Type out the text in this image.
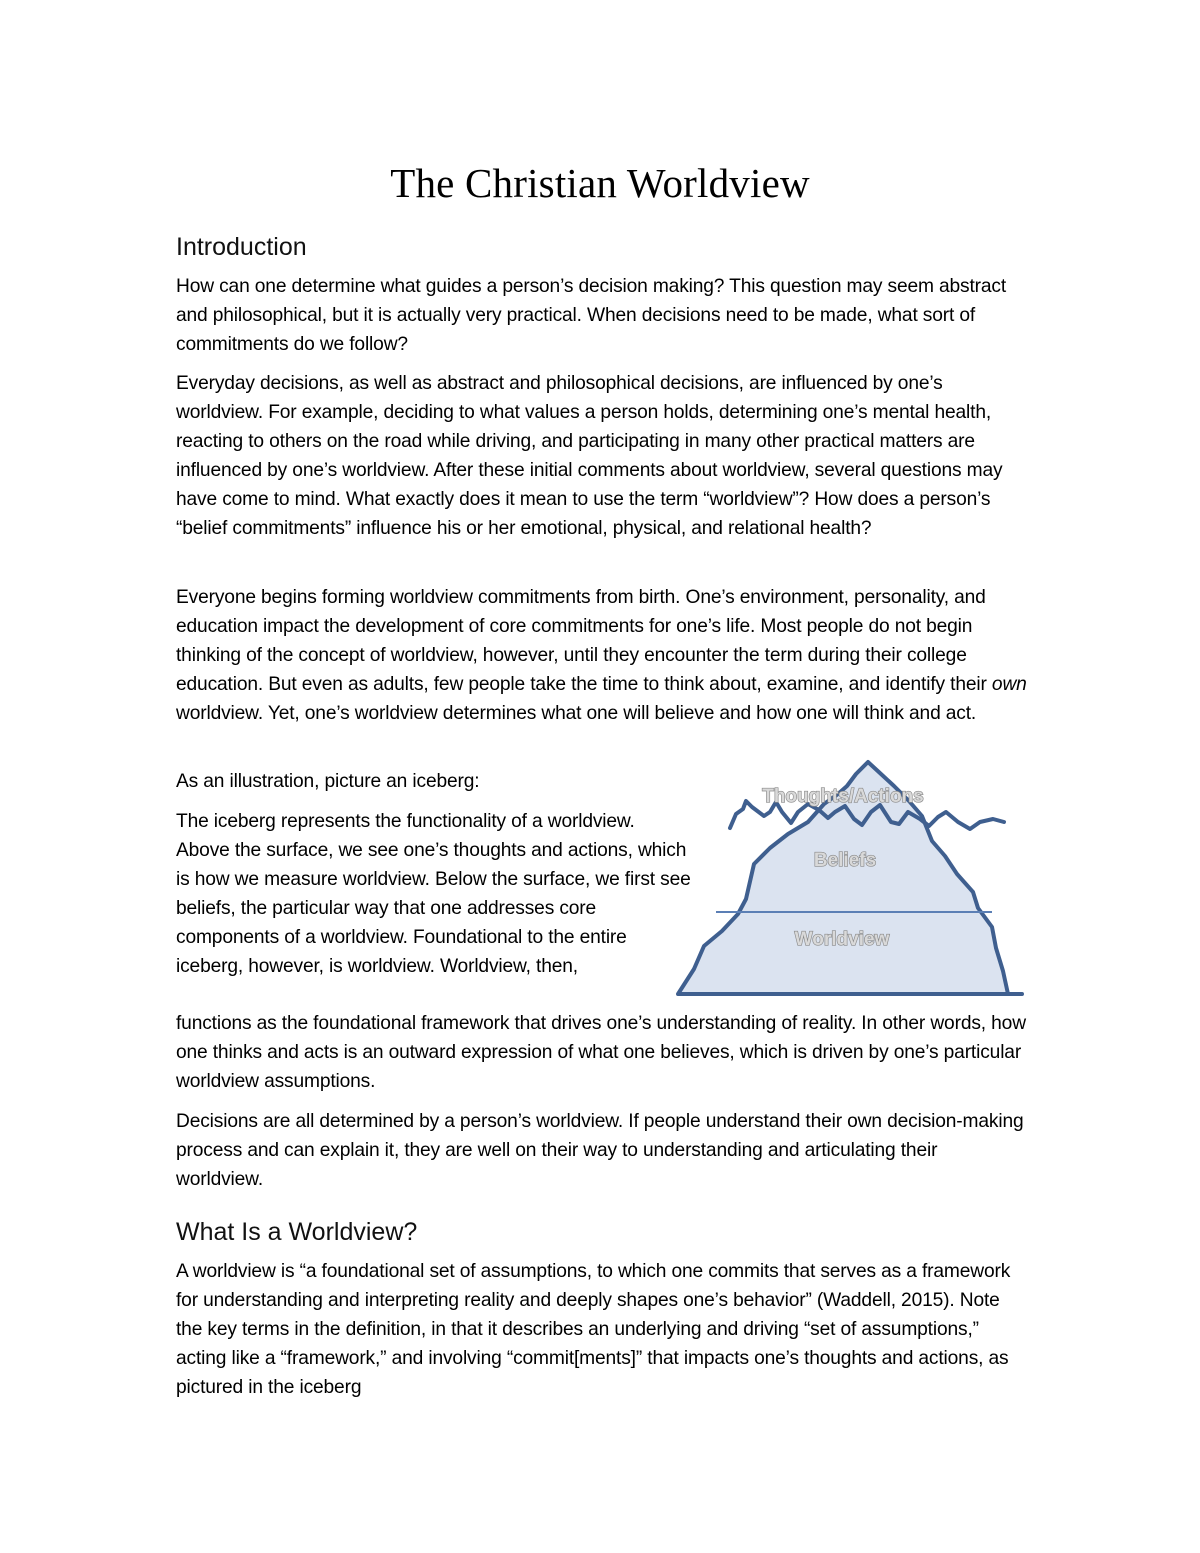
The Christian Worldview
Introduction

How can one determine what guides a person’s decision making? This question may seem abstract and philosophical, but it is actually very practical. When decisions need to be made, what sort of commitments do we follow?

Everyday decisions, as well as abstract and philosophical decisions, are influenced by one’s worldview. For example, deciding to what values a person holds, determining one’s mental health, reacting to others on the road while driving, and participating in many other practical matters are influenced by one’s worldview. After these initial comments about worldview, several questions may have come to mind. What exactly does it mean to use the term “worldview”? How does a person’s “belief commitments” influence his or her emotional, physical, and relational health?

Everyone begins forming worldview commitments from birth. One’s environment, personality, and education impact the development of core commitments for one’s life. Most people do not begin thinking of the concept of worldview, however, until they encounter the term during their college education. But even as adults, few people take the time to think about, examine, and identify their own worldview. Yet, one’s worldview determines what one will believe and how one will think and act.

As an illustration, picture an iceberg:

The iceberg represents the functionality of a worldview. Above the surface, we see one’s thoughts and actions, which is how we measure worldview. Below the surface, we first see beliefs, the particular way that one addresses core components of a worldview. Foundational to the entire iceberg, however, is worldview. Worldview, then,

functions as the foundational framework that drives one’s understanding of reality. In other words, how one thinks and acts is an outward expression of what one believes, which is driven by one’s particular worldview assumptions.

Decisions are all determined by a person’s worldview. If people understand their own decision-making process and can explain it, they are well on their way to understanding and articulating their worldview.

What Is a Worldview?

A worldview is “a foundational set of assumptions, to which one commits that serves as a framework for understanding and interpreting reality and deeply shapes one’s behavior” (Waddell, 2015). Note the key terms in the definition, in that it describes an underlying and driving “set of assumptions,” acting like a “framework,” and involving “commit[ments]” that impacts one’s thoughts and actions, as pictured in the iceberg

Thoughts/Actions
Beliefs
Worldview
